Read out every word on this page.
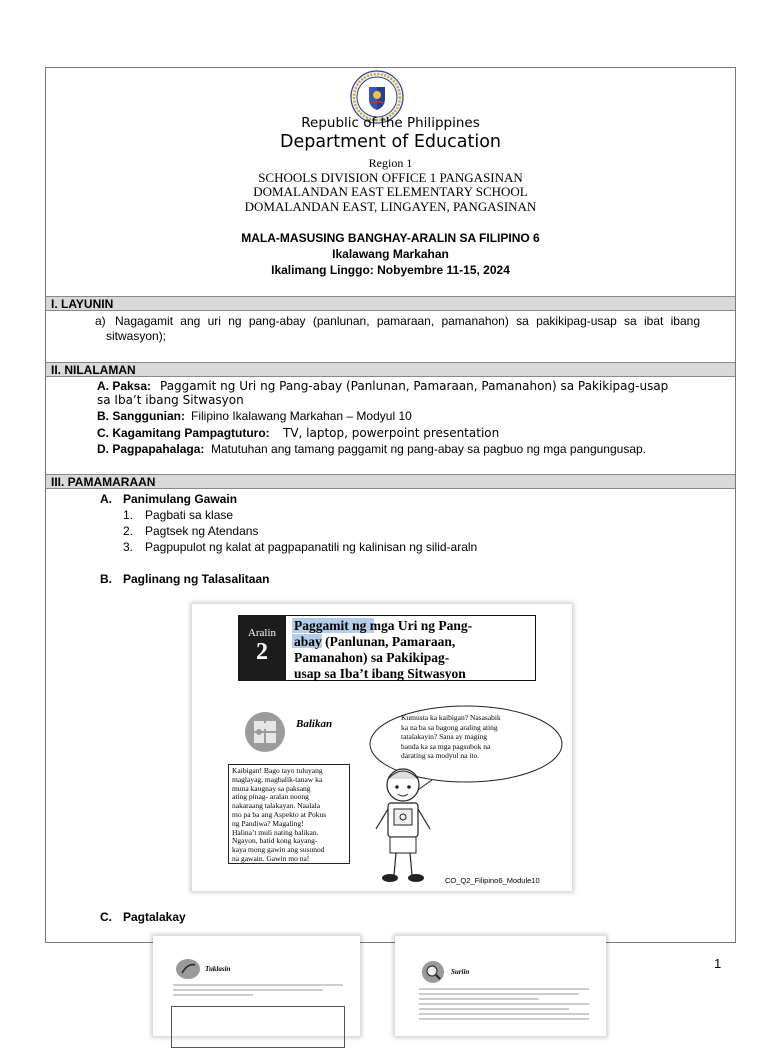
Republic of the Philippines
Department of Education
Region 1
SCHOOLS DIVISION OFFICE 1 PANGASINAN
DOMALANDAN EAST ELEMENTARY SCHOOL
DOMALANDAN EAST, LINGAYEN, PANGASINAN
MALA-MASUSING BANGHAY-ARALIN SA FILIPINO 6
Ikalawang Markahan
Ikalimang Linggo: Nobyembre 11-15, 2024
I. LAYUNIN
a) Nagagamit ang uri ng pang-abay (panlunan, pamaraan, pamanahon) sa pakikipag-usap sa ibat ibang
sitwasyon);
II. NILALAMAN
A. Paksa: Paggamit ng Uri ng Pang-abay (Panlunan, Pamaraan, Pamanahon) sa Pakikipag-usap
sa Iba’t ibang Sitwasyon
B. Sanggunian: Filipino Ikalawang Markahan – Modyul 10
C. Kagamitang Pampagtuturo: TV, laptop, powerpoint presentation
D. Pagpapahalaga: Matutuhan ang tamang paggamit ng pang-abay sa pagbuo ng mga pangungusap.
III. PAMAMARAAN
A. Panimulang Gawain
1. Pagbati sa klase
2. Pagtsek ng Atendans
3. Pagpupulot ng kalat at pagpapanatili ng kalinisan ng silid-araln
B. Paglinang ng Talasalitaan
Aralin
2
Paggamit ng mga Uri ng Pang-
abay (Panlunan, Pamaraan,
Pamanahon) sa Pakikipag-
usap sa Iba’t ibang Sitwasyon
Balikan
Kumusta ka kaibigan? Nasasabik
ka na ba sa bagong araling ating
tatalakayin? Sana ay maging
handa ka sa mga pagsubok na
darating sa modyul na ito.
Kaibigan! Bago tayo tuluyang
maglayag, magbalik-tanaw ka
muna kaugnay sa paksang
ating pinag- aralan noong
nakaraang talakayan. Naalala
mo pa ba ang Aspekto at Pokus
ng Pandiwa? Magaling!
Halina’t muli nating balikan.
Ngayon, batid kong kayang-
kaya mong gawin ang susunod
na gawain. Gawin mo na!
CO_Q2_Filipino6_Module10
C. Pagtalakay
Tuklasin	Suriin
1
